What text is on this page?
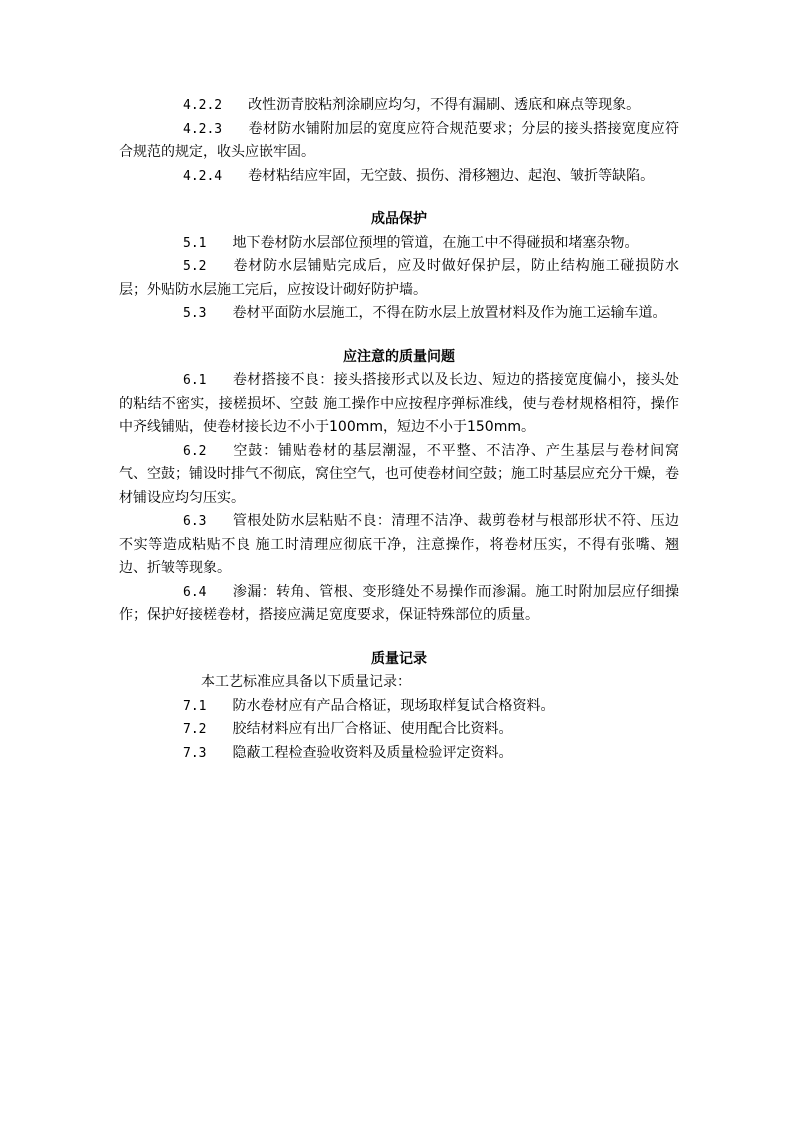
4.2.2 改性沥青胶粘剂涂刷应均匀，不得有漏刷、透底和麻点等现象。

4.2.3 卷材防水铺附加层的宽度应符合规范要求；分层的接头搭接宽度应符合规范的规定，收头应嵌牢固。

4.2.4 卷材粘结应牢固，无空鼓、损伤、滑移翘边、起泡、皱折等缺陷。

成品保护

5.1 地下卷材防水层部位预埋的管道，在施工中不得碰损和堵塞杂物。

5.2 卷材防水层铺贴完成后，应及时做好保护层，防止结构施工碰损防水层；外贴防水层施工完后，应按设计砌好防护墙。

5.3 卷材平面防水层施工，不得在防水层上放置材料及作为施工运输车道。

应注意的质量问题

6.1 卷材搭接不良：接头搭接形式以及长边、短边的搭接宽度偏小，接头处的粘结不密实，接槎损坏、空鼓 施工操作中应按程序弹标准线，使与卷材规格相符，操作中齐线铺贴，使卷材接长边不小于100mm，短边不小于150mm。

6.2 空鼓：铺贴卷材的基层潮湿，不平整、不洁净、产生基层与卷材间窝气、空鼓；铺设时排气不彻底，窝住空气，也可使卷材间空鼓；施工时基层应充分干燥，卷材铺设应均匀压实。

6.3 管根处防水层粘贴不良：清理不洁净、裁剪卷材与根部形状不符、压边不实等造成粘贴不良 施工时清理应彻底干净，注意操作，将卷材压实，不得有张嘴、翘边、折皱等现象。

6.4 渗漏：转角、管根、变形缝处不易操作而渗漏。施工时附加层应仔细操作；保护好接槎卷材，搭接应满足宽度要求，保证特殊部位的质量。

质量记录

本工艺标准应具备以下质量记录：

7.1 防水卷材应有产品合格证，现场取样复试合格资料。

7.2 胶结材料应有出厂合格证、使用配合比资料。

7.3 隐蔽工程检查验收资料及质量检验评定资料。
